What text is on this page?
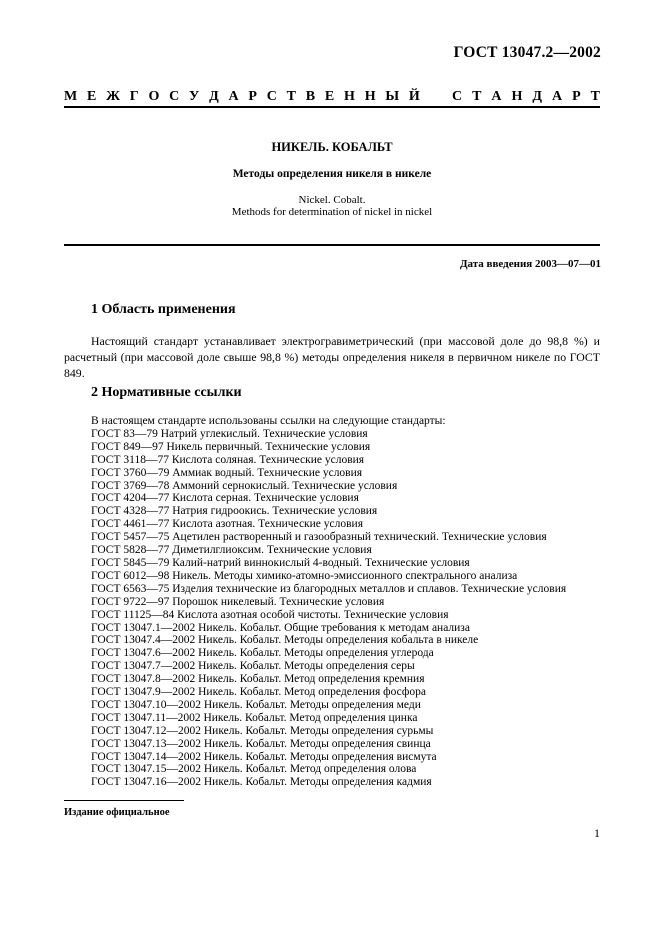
ГОСТ 13047.2—2002
М Е Ж Г О С У Д А Р С Т В Е Н Н Ы Й С Т А Н Д А Р Т
НИКЕЛЬ. КОБАЛЬТ
Методы определения никеля в никеле
Nickel. Cobalt.
Methods for determination of nickel in nickel
Дата введения 2003—07—01
1 Область применения
Настоящий стандарт устанавливает электрогравиметрический (при массовой доле до 98,8 %) и расчетный (при массовой доле свыше 98,8 %) методы определения никеля в первичном никеле по ГОСТ 849.
2 Нормативные ссылки
В настоящем стандарте использованы ссылки на следующие стандарты:
ГОСТ 83—79 Натрий углекислый. Технические условия
ГОСТ 849—97 Никель первичный. Технические условия
ГОСТ 3118—77 Кислота соляная. Технические условия
ГОСТ 3760—79 Аммиак водный. Технические условия
ГОСТ 3769—78 Аммоний сернокислый. Технические условия
ГОСТ 4204—77 Кислота серная. Технические условия
ГОСТ 4328—77 Натрия гидроокись. Технические условия
ГОСТ 4461—77 Кислота азотная. Технические условия
ГОСТ 5457—75 Ацетилен растворенный и газообразный технический. Технические условия
ГОСТ 5828—77 Диметилглиоксим. Технические условия
ГОСТ 5845—79 Калий-натрий виннокислый 4-водный. Технические условия
ГОСТ 6012—98 Никель. Методы химико-атомно-эмиссионного спектрального анализа
ГОСТ 6563—75 Изделия технические из благородных металлов и сплавов. Технические условия
ГОСТ 9722—97 Порошок никелевый. Технические условия
ГОСТ 11125—84 Кислота азотная особой чистоты. Технические условия
ГОСТ 13047.1—2002 Никель. Кобальт. Общие требования к методам анализа
ГОСТ 13047.4—2002 Никель. Кобальт. Методы определения кобальта в никеле
ГОСТ 13047.6—2002 Никель. Кобальт. Методы определения углерода
ГОСТ 13047.7—2002 Никель. Кобальт. Методы определения серы
ГОСТ 13047.8—2002 Никель. Кобальт. Метод определения кремния
ГОСТ 13047.9—2002 Никель. Кобальт. Метод определения фосфора
ГОСТ 13047.10—2002 Никель. Кобальт. Методы определения меди
ГОСТ 13047.11—2002 Никель. Кобальт. Метод определения цинка
ГОСТ 13047.12—2002 Никель. Кобальт. Методы определения сурьмы
ГОСТ 13047.13—2002 Никель. Кобальт. Методы определения свинца
ГОСТ 13047.14—2002 Никель. Кобальт. Методы определения висмута
ГОСТ 13047.15—2002 Никель. Кобальт. Метод определения олова
ГОСТ 13047.16—2002 Никель. Кобальт. Методы определения кадмия
Издание официальное
1
